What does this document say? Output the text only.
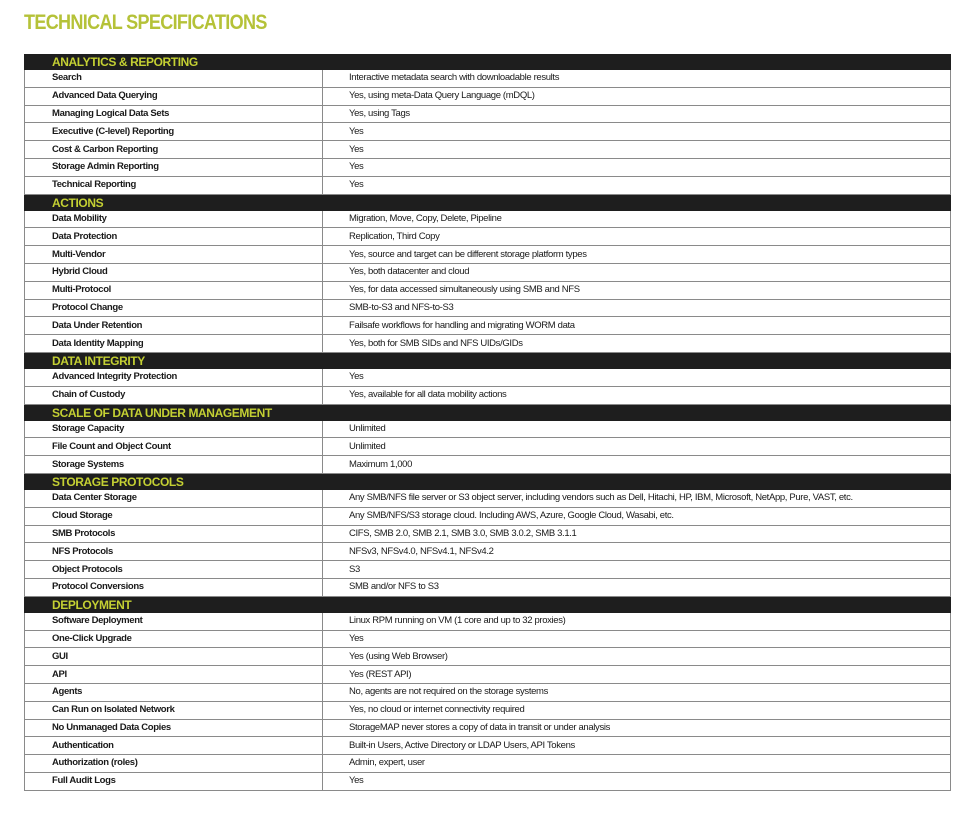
TECHNICAL SPECIFICATIONS
ANALYTICS & REPORTING	
Search	Interactive metadata search with downloadable results
Advanced Data Querying	Yes, using meta-Data Query Language (mDQL)
Managing Logical Data Sets	Yes, using Tags
Executive (C-level) Reporting	Yes
Cost & Carbon Reporting	Yes
Storage Admin Reporting	Yes
Technical Reporting	Yes
ACTIONS	
Data Mobility	Migration, Move, Copy, Delete, Pipeline
Data Protection	Replication, Third Copy
Multi-Vendor	Yes, source and target can be different storage platform types
Hybrid Cloud	Yes, both datacenter and cloud
Multi-Protocol	Yes, for data accessed simultaneously using SMB and NFS
Protocol Change	SMB-to-S3 and NFS-to-S3
Data Under Retention	Failsafe workflows for handling and migrating WORM data
Data Identity Mapping	Yes, both for SMB SIDs and NFS UIDs/GIDs
DATA INTEGRITY	
Advanced Integrity Protection	Yes
Chain of Custody	Yes, available for all data mobility actions
SCALE OF DATA UNDER MANAGEMENT	
Storage Capacity	Unlimited
File Count and Object Count	Unlimited
Storage Systems	Maximum 1,000
STORAGE PROTOCOLS	
Data Center Storage	Any SMB/NFS file server or S3 object server, including vendors such as Dell, Hitachi, HP, IBM, Microsoft, NetApp, Pure, VAST, etc.
Cloud Storage	Any SMB/NFS/S3 storage cloud. Including AWS, Azure, Google Cloud, Wasabi, etc.
SMB Protocols	CIFS, SMB 2.0, SMB 2.1, SMB 3.0, SMB 3.0.2, SMB 3.1.1
NFS Protocols	NFSv3, NFSv4.0, NFSv4.1, NFSv4.2
Object Protocols	S3
Protocol Conversions	SMB and/or NFS to S3
DEPLOYMENT	
Software Deployment	Linux RPM running on VM (1 core and up to 32 proxies)
One-Click Upgrade	Yes
GUI	Yes (using Web Browser)
API	Yes (REST API)
Agents	No, agents are not required on the storage systems
Can Run on Isolated Network	Yes, no cloud or internet connectivity required
No Unmanaged Data Copies	StorageMAP never stores a copy of data in transit or under analysis
Authentication	Built-in Users, Active Directory or LDAP Users, API Tokens
Authorization (roles)	Admin, expert, user
Full Audit Logs	Yes
